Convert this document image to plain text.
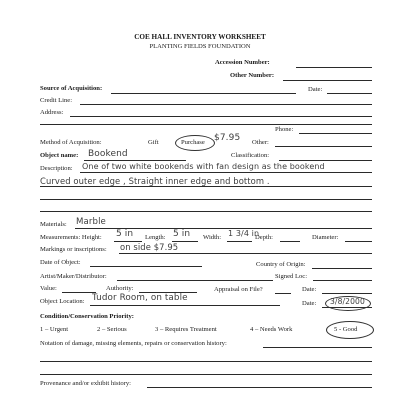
COE HALL INVENTORY WORKSHEET
PLANTING FIELDS FOUNDATION
Accession Number:
Other Number:
Source of Acquisition:	Date:
Credit Line:
Address:
Phone:
Method of Acquisition:	Gift	Purchase $7.95 Other:
Object name: Bookend	Classification:
Description: One of two white bookends with fan design as the bookend
Curved outer edge , Straight inner edge and bottom .
Materials: Marble
Measurements: Height: 5 in Length: 5 in Width: 1 3/4 in
Depth:	Diameter:
Markings or inscriptions: on side $7.95
Date of Object:	Country of Origin:
Artist/Maker/Distributor:	Signed Loc:
Value:	Authority:	Appraisal on File?	Date:
Object Location: Tudor Room, on table
Date: 3/8/2000
Condition/Conservation Priority:
1 – Urgent	2 – Serious	3 – Requires Treatment	4 – Needs Work	5 - Good
Notation of damage, missing elements, repairs or conservation history:
Provenance and/or exhibit history:
